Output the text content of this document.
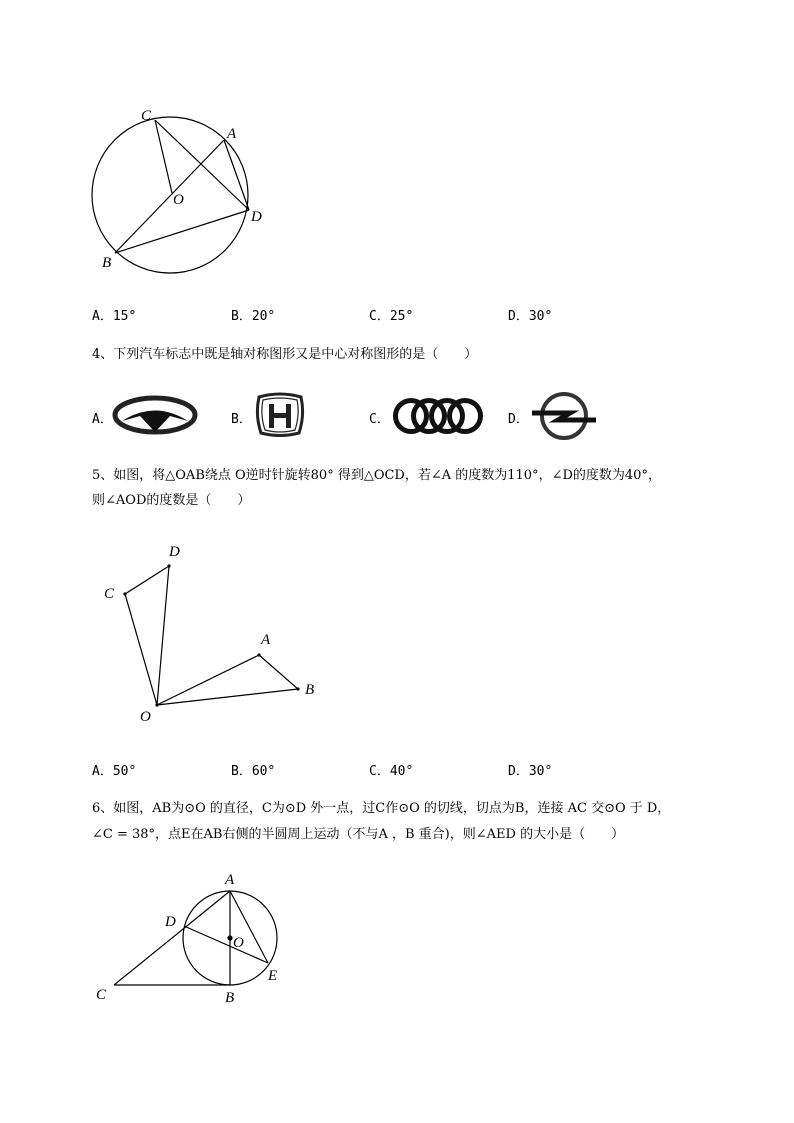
C
A
O
D
B
A．15°	B．20°	C．25°	D．30°
4、下列汽车标志中既是轴对称图形又是中心对称图形的是（　　）
A．	B．	C．	D．
5、如图，将△OAB绕点 O逆时针旋转80° 得到△OCD，若∠A 的度数为110°，∠D的度数为40°，
则∠AOD的度数是（　　）
D
C
A
B
O
A．50°	B．60°	C．40°	D．30°
6、如图，AB为⊙O 的直径，C为⊙D 外一点，过C作⊙O 的切线，切点为B，连接 AC 交⊙O 于 D，
∠C = 38°，点E在AB右侧的半圆周上运动（不与A ，B 重合)，则∠AED 的大小是（　　）
A
D
O
C	B
E
